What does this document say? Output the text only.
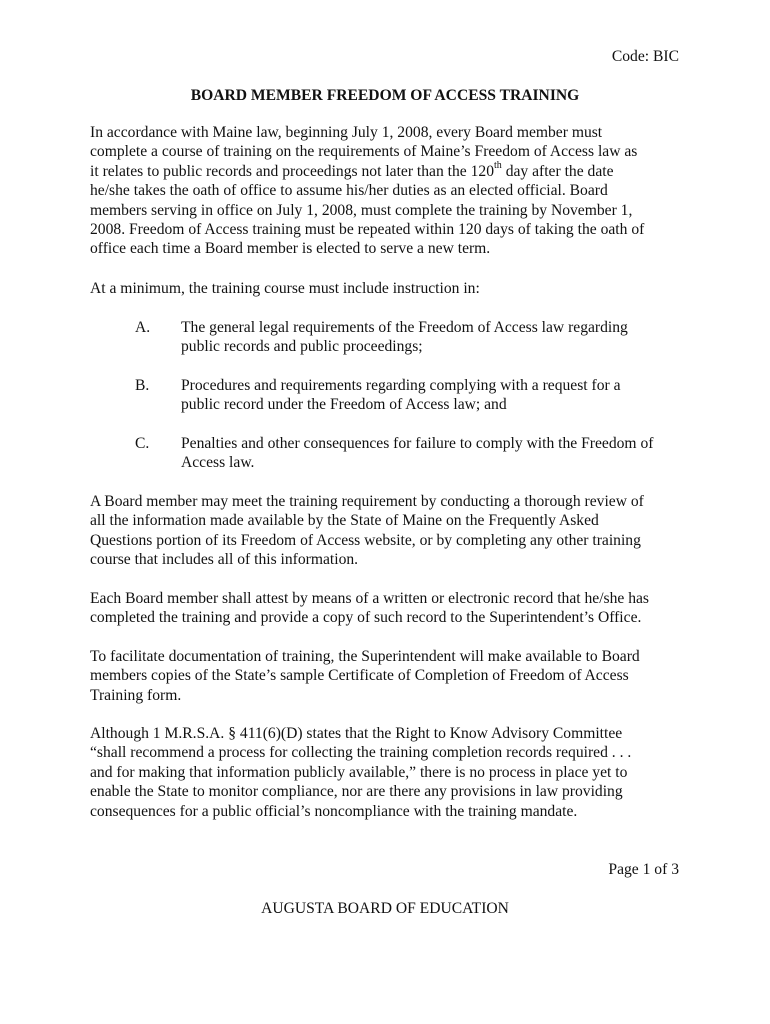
Code: BIC
BOARD MEMBER FREEDOM OF ACCESS TRAINING

In accordance with Maine law, beginning July 1, 2008, every Board member must
complete a course of training on the requirements of Maine’s Freedom of Access law as
it relates to public records and proceedings not later than the 120th day after the date
he/she takes the oath of office to assume his/her duties as an elected official. Board
members serving in office on July 1, 2008, must complete the training by November 1,
2008. Freedom of Access training must be repeated within 120 days of taking the oath of
office each time a Board member is elected to serve a new term.

At a minimum, the training course must include instruction in:

A. The general legal requirements of the Freedom of Access law regarding
public records and public proceedings;
B. Procedures and requirements regarding complying with a request for a
public record under the Freedom of Access law; and
C. Penalties and other consequences for failure to comply with the Freedom of
Access law.

A Board member may meet the training requirement by conducting a thorough review of
all the information made available by the State of Maine on the Frequently Asked
Questions portion of its Freedom of Access website, or by completing any other training
course that includes all of this information.

Each Board member shall attest by means of a written or electronic record that he/she has
completed the training and provide a copy of such record to the Superintendent’s Office.

To facilitate documentation of training, the Superintendent will make available to Board
members copies of the State’s sample Certificate of Completion of Freedom of Access
Training form.

Although 1 M.R.S.A. § 411(6)(D) states that the Right to Know Advisory Committee
“shall recommend a process for collecting the training completion records required . . .
and for making that information publicly available,” there is no process in place yet to
enable the State to monitor compliance, nor are there any provisions in law providing
consequences for a public official’s noncompliance with the training mandate.

Page 1 of 3
AUGUSTA BOARD OF EDUCATION
